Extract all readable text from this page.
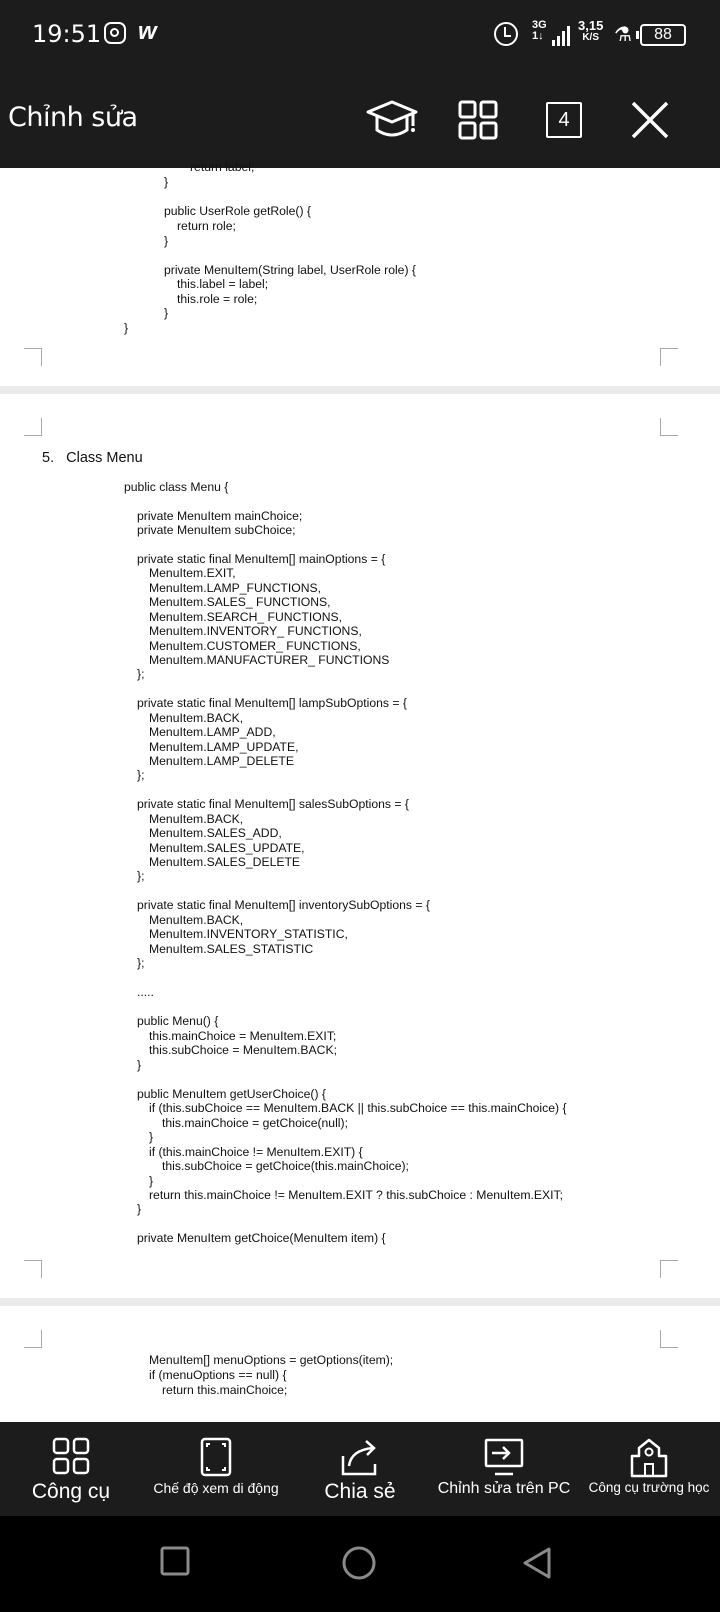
19:51 w	3G
1↓
3,15
K/S ⚗	88
Chỉnh sửa	4
return label;
}
public UserRole getRole() {
return role;
}
private MenuItem(String label, UserRole role) {
this.label = label;
this.role = role;
}
}
5. Class Menu
public class Menu {
private MenuItem mainChoice;
private MenuItem subChoice;
private static final MenuItem[] mainOptions = {
MenuItem.EXIT,
MenuItem.LAMP_FUNCTIONS,
MenuItem.SALES_ FUNCTIONS,
MenuItem.SEARCH_ FUNCTIONS,
MenuItem.INVENTORY_ FUNCTIONS,
MenuItem.CUSTOMER_ FUNCTIONS,
MenuItem.MANUFACTURER_ FUNCTIONS
};
private static final MenuItem[] lampSubOptions = {
MenuItem.BACK,
MenuItem.LAMP_ADD,
MenuItem.LAMP_UPDATE,
MenuItem.LAMP_DELETE
};
private static final MenuItem[] salesSubOptions = {
MenuItem.BACK,
MenuItem.SALES_ADD,
MenuItem.SALES_UPDATE,
MenuItem.SALES_DELETE
};
private static final MenuItem[] inventorySubOptions = {
MenuItem.BACK,
MenuItem.INVENTORY_STATISTIC,
MenuItem.SALES_STATISTIC
};
.....
public Menu() {
this.mainChoice = MenuItem.EXIT;
this.subChoice = MenuItem.BACK;
}
public MenuItem getUserChoice() {
if (this.subChoice == MenuItem.BACK || this.subChoice == this.mainChoice) {
this.mainChoice = getChoice(null);
}
if (this.mainChoice != MenuItem.EXIT) {
this.subChoice = getChoice(this.mainChoice);
}
return this.mainChoice != MenuItem.EXIT ? this.subChoice : MenuItem.EXIT;
}
private MenuItem getChoice(MenuItem item) {
MenuItem[] menuOptions = getOptions(item);
if (menuOptions == null) {
return this.mainChoice;
Công cụ	Chế độ xem di động	Chia sẻ	Chỉnh sửa trên PC	Công cụ trường học
